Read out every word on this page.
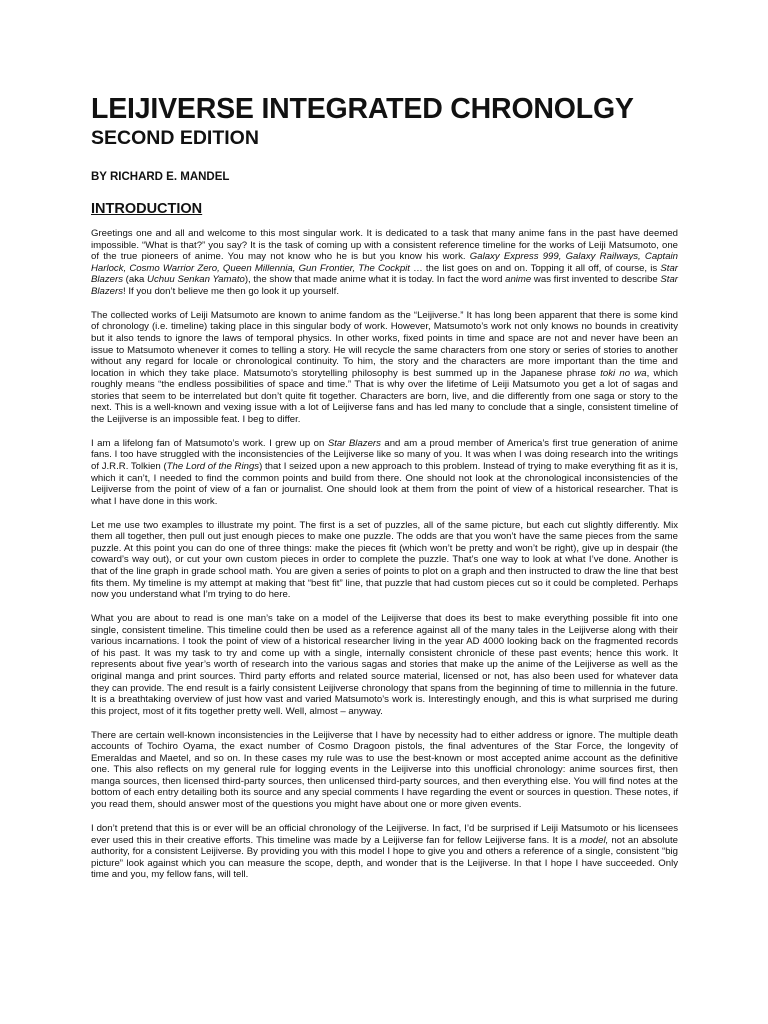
LEIJIVERSE INTEGRATED CHRONOLGY
SECOND EDITION

BY RICHARD E. MANDEL

INTRODUCTION

Greetings one and all and welcome to this most singular work. It is dedicated to a task that many anime fans in the past have deemed impossible. “What is that?” you say? It is the task of coming up with a consistent reference timeline for the works of Leiji Matsumoto, one of the true pioneers of anime. You may not know who he is but you know his work. Galaxy Express 999, Galaxy Railways, Captain Harlock, Cosmo Warrior Zero, Queen Millennia, Gun Frontier, The Cockpit … the list goes on and on. Topping it all off, of course, is Star Blazers (aka Uchuu Senkan Yamato), the show that made anime what it is today. In fact the word anime was first invented to describe Star Blazers! If you don’t believe me then go look it up yourself.

The collected works of Leiji Matsumoto are known to anime fandom as the “Leijiverse.” It has long been apparent that there is some kind of chronology (i.e. timeline) taking place in this singular body of work. However, Matsumoto’s work not only knows no bounds in creativity but it also tends to ignore the laws of temporal physics. In other works, fixed points in time and space are not and never have been an issue to Matsumoto whenever it comes to telling a story. He will recycle the same characters from one story or series of stories to another without any regard for locale or chronological continuity. To him, the story and the characters are more important than the time and location in which they take place. Matsumoto’s storytelling philosophy is best summed up in the Japanese phrase toki no wa, which roughly means “the endless possibilities of space and time.” That is why over the lifetime of Leiji Matsumoto you get a lot of sagas and stories that seem to be interrelated but don’t quite fit together. Characters are born, live, and die differently from one saga or story to the next. This is a well-known and vexing issue with a lot of Leijiverse fans and has led many to conclude that a single, consistent timeline of the Leijiverse is an impossible feat. I beg to differ.

I am a lifelong fan of Matsumoto’s work. I grew up on Star Blazers and am a proud member of America’s first true generation of anime fans. I too have struggled with the inconsistencies of the Leijiverse like so many of you. It was when I was doing research into the writings of J.R.R. Tolkien (The Lord of the Rings) that I seized upon a new approach to this problem. Instead of trying to make everything fit as it is, which it can’t, I needed to find the common points and build from there. One should not look at the chronological inconsistencies of the Leijiverse from the point of view of a fan or journalist. One should look at them from the point of view of a historical researcher. That is what I have done in this work.

Let me use two examples to illustrate my point. The first is a set of puzzles, all of the same picture, but each cut slightly differently. Mix them all together, then pull out just enough pieces to make one puzzle. The odds are that you won’t have the same pieces from the same puzzle. At this point you can do one of three things: make the pieces fit (which won’t be pretty and won’t be right), give up in despair (the coward’s way out), or cut your own custom pieces in order to complete the puzzle. That’s one way to look at what I’ve done. Another is that of the line graph in grade school math. You are given a series of points to plot on a graph and then instructed to draw the line that best fits them. My timeline is my attempt at making that “best fit” line, that puzzle that had custom pieces cut so it could be completed. Perhaps now you understand what I’m trying to do here.

What you are about to read is one man’s take on a model of the Leijiverse that does its best to make everything possible fit into one single, consistent timeline. This timeline could then be used as a reference against all of the many tales in the Leijiverse along with their various incarnations. I took the point of view of a historical researcher living in the year AD 4000 looking back on the fragmented records of his past. It was my task to try and come up with a single, internally consistent chronicle of these past events; hence this work. It represents about five year’s worth of research into the various sagas and stories that make up the anime of the Leijiverse as well as the original manga and print sources. Third party efforts and related source material, licensed or not, has also been used for whatever data they can provide. The end result is a fairly consistent Leijiverse chronology that spans from the beginning of time to millennia in the future. It is a breathtaking overview of just how vast and varied Matsumoto’s work is. Interestingly enough, and this is what surprised me during this project, most of it fits together pretty well. Well, almost – anyway.

There are certain well-known inconsistencies in the Leijiverse that I have by necessity had to either address or ignore. The multiple death accounts of Tochiro Oyama, the exact number of Cosmo Dragoon pistols, the final adventures of the Star Force, the longevity of Emeraldas and Maetel, and so on. In these cases my rule was to use the best-known or most accepted anime account as the definitive one. This also reflects on my general rule for logging events in the Leijiverse into this unofficial chronology: anime sources first, then manga sources, then licensed third-party sources, then unlicensed third-party sources, and then everything else. You will find notes at the bottom of each entry detailing both its source and any special comments I have regarding the event or sources in question. These notes, if you read them, should answer most of the questions you might have about one or more given events.

I don’t pretend that this is or ever will be an official chronology of the Leijiverse. In fact, I’d be surprised if Leiji Matsumoto or his licensees ever used this in their creative efforts. This timeline was made by a Leijiverse fan for fellow Leijiverse fans. It is a model, not an absolute authority, for a consistent Leijiverse. By providing you with this model I hope to give you and others a reference of a single, consistent “big picture” look against which you can measure the scope, depth, and wonder that is the Leijiverse. In that I hope I have succeeded. Only time and you, my fellow fans, will tell.
